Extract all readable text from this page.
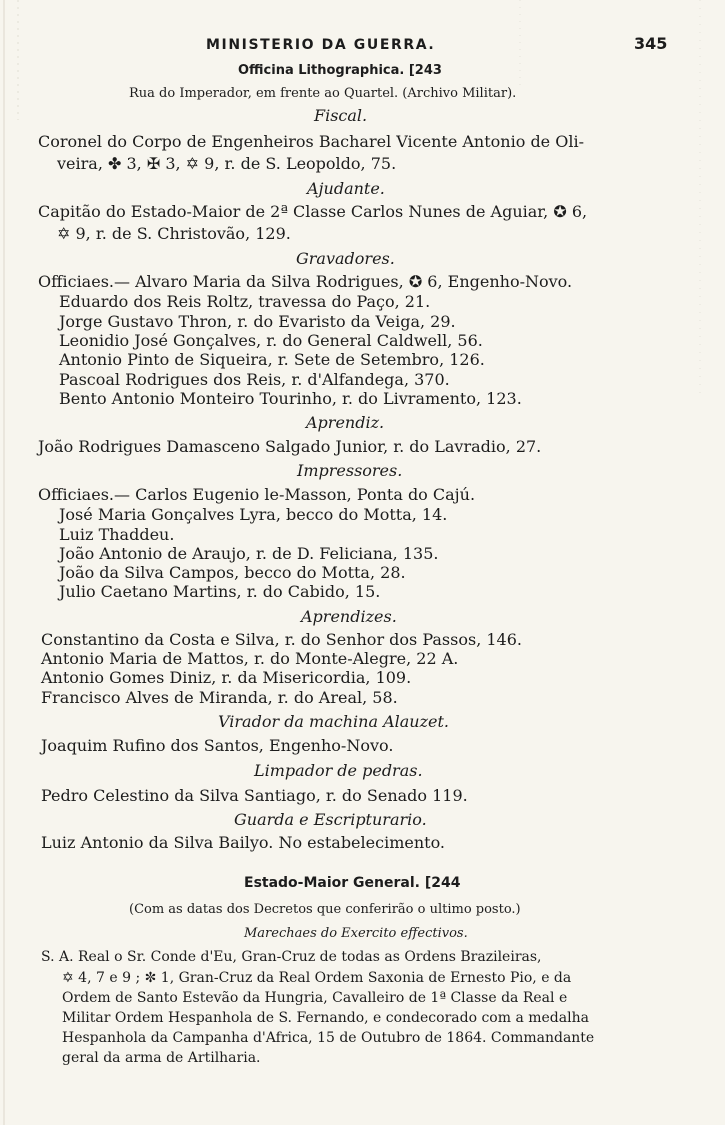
MINISTERIO DA GUERRA.	345
Officina Lithographica. [243
Rua do Imperador, em frente ao Quartel. (Archivo Militar).
Fiscal.
Coronel do Corpo de Engenheiros Bacharel Vicente Antonio de Oli-
veira, ✤ 3, ✠ 3, ✡ 9, r. de S. Leopoldo, 75.
Ajudante.
Capitão do Estado-Maior de 2ª Classe Carlos Nunes de Aguiar, ✪ 6,
✡ 9, r. de S. Christovão, 129.
Gravadores.
Officiaes.— Alvaro Maria da Silva Rodrigues, ✪ 6, Engenho-Novo.
Eduardo dos Reis Roltz, travessa do Paço, 21.
Jorge Gustavo Thron, r. do Evaristo da Veiga, 29.
Leonidio José Gonçalves, r. do General Caldwell, 56.
Antonio Pinto de Siqueira, r. Sete de Setembro, 126.
Pascoal Rodrigues dos Reis, r. d'Alfandega, 370.
Bento Antonio Monteiro Tourinho, r. do Livramento, 123.
Aprendiz.
João Rodrigues Damasceno Salgado Junior, r. do Lavradio, 27.
Impressores.
Officiaes.— Carlos Eugenio le-Masson, Ponta do Cajú.
José Maria Gonçalves Lyra, becco do Motta, 14.
Luiz Thaddeu.
João Antonio de Araujo, r. de D. Feliciana, 135.
João da Silva Campos, becco do Motta, 28.
Julio Caetano Martins, r. do Cabido, 15.
Aprendizes.
Constantino da Costa e Silva, r. do Senhor dos Passos, 146.
Antonio Maria de Mattos, r. do Monte-Alegre, 22 A.
Antonio Gomes Diniz, r. da Misericordia, 109.
Francisco Alves de Miranda, r. do Areal, 58.
Virador da machina Alauzet.
Joaquim Rufino dos Santos, Engenho-Novo.
Limpador de pedras.
Pedro Celestino da Silva Santiago, r. do Senado 119.
Guarda e Escripturario.
Luiz Antonio da Silva Bailyo. No estabelecimento.
Estado-Maior General. [244
(Com as datas dos Decretos que conferirão o ultimo posto.)
Marechaes do Exercito effectivos.
S. A. Real o Sr. Conde d'Eu, Gran-Cruz de todas as Ordens Brazileiras,
✡ 4, 7 e 9 ; ✼ 1, Gran-Cruz da Real Ordem Saxonia de Ernesto Pio, e da
Ordem de Santo Estevão da Hungria, Cavalleiro de 1ª Classe da Real e
Militar Ordem Hespanhola de S. Fernando, e condecorado com a medalha
Hespanhola da Campanha d'Africa, 15 de Outubro de 1864. Commandante
geral da arma de Artilharia.
